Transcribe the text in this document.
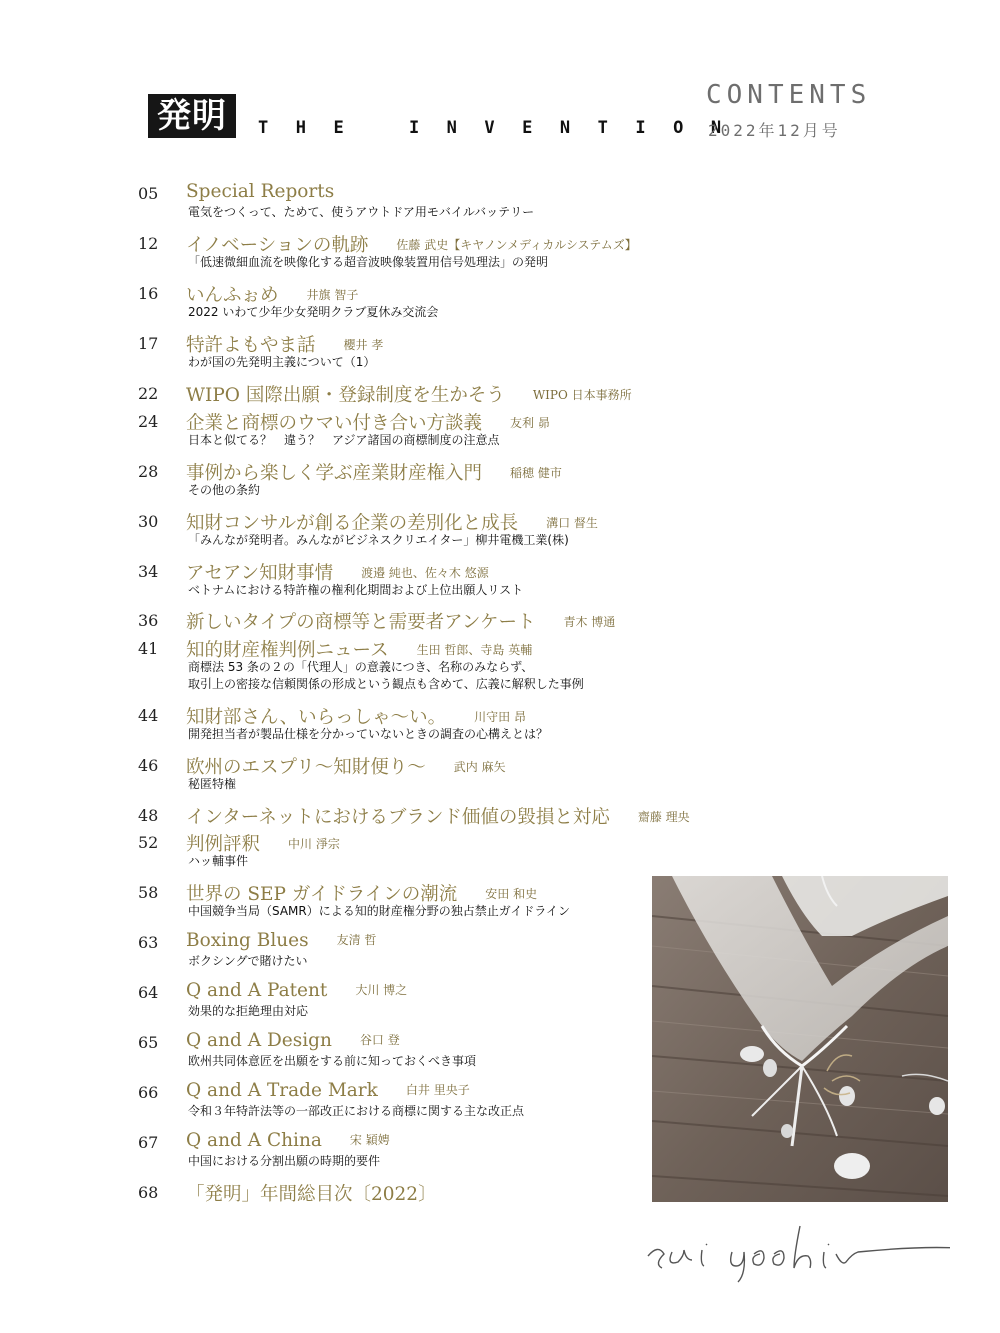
発明 THE INVENTION
CONTENTS
2022年12月号
05 Special Reports
電気をつくって、ためて、使うアウトドア用モバイルバッテリー
12 イノベーションの軌跡 佐藤 武史【キヤノンメディカルシステムズ】
「低速微細血流を映像化する超音波映像装置用信号処理法」の発明
16 いんふぉめ 井旗 智子
2022 いわて少年少女発明クラブ夏休み交流会
17 特許よもやま話 櫻井 孝
わが国の先発明主義について（1）
22 WIPO 国際出願・登録制度を生かそう WIPO 日本事務所
24 企業と商標のウマい付き合い方談義 友利 昴
日本と似てる？　違う？　アジア諸国の商標制度の注意点
28 事例から楽しく学ぶ産業財産権入門 稲穂 健市
その他の条約
30 知財コンサルが創る企業の差別化と成長 溝口 督生
「みんなが発明者。みんながビジネスクリエイター」柳井電機工業(株)
34 アセアン知財事情 渡邉 純也、佐々木 悠源
ベトナムにおける特許権の権利化期間および上位出願人リスト
36 新しいタイプの商標等と需要者アンケート 青木 博通
41 知的財産権判例ニュース 生田 哲郎、寺島 英輔
商標法 53 条の２の「代理人」の意義につき、名称のみならず、
取引上の密接な信頼関係の形成という観点も含めて、広義に解釈した事例
44 知財部さん、いらっしゃ〜い。 川守田 昂
開発担当者が製品仕様を分かっていないときの調査の心構えとは？
46 欧州のエスプリ〜知財便り〜 武内 麻矢
秘匿特権
48 インターネットにおけるブランド価値の毀損と対応 齋藤 理央
52 判例評釈 中川 淨宗
ハッ輔事件
58 世界の SEP ガイドラインの潮流 安田 和史
中国競争当局（SAMR）による知的財産権分野の独占禁止ガイドライン
63 Boxing Blues 友清 哲
ボクシングで賭けたい
64 Q and A Patent 大川 博之
効果的な拒絶理由対応
65 Q and A Design 谷口 登
欧州共同体意匠を出願をする前に知っておくべき事項
66 Q and A Trade Mark 白井 里央子
令和３年特許法等の一部改正における商標に関する主な改正点
67 Q and A China 宋 穎娉
中国における分割出願の時期的要件
68 「発明」年間総目次〔2022〕
